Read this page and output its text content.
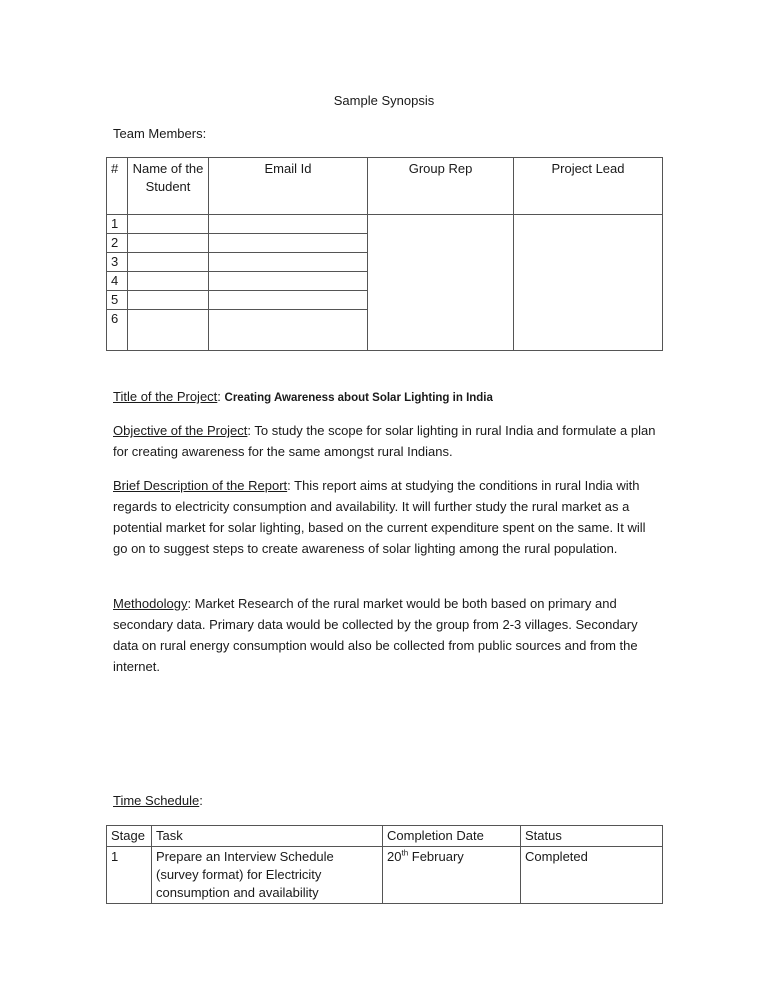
Sample Synopsis
Team Members:
#	Name of the Student	Email Id	Group Rep	Project Lead
1				
2				
3				
4				
5				
6				
Title of the Project: Creating Awareness about Solar Lighting in India
Objective of the Project: To study the scope for solar lighting in rural India and formulate a plan for creating awareness for the same amongst rural Indians.
Brief Description of the Report: This report aims at studying the conditions in rural India with regards to electricity consumption and availability. It will further study the rural market as a potential market for solar lighting, based on the current expenditure spent on the same. It will go on to suggest steps to create awareness of solar lighting among the rural population.
Methodology: Market Research of the rural market would be both based on primary and secondary data. Primary data would be collected by the group from 2-3 villages. Secondary data on rural energy consumption would also be collected from public sources and from the internet.
Time Schedule:
Stage	Task	Completion Date	Status
1	Prepare an Interview Schedule (survey format) for Electricity consumption and availability	20th February	Completed
